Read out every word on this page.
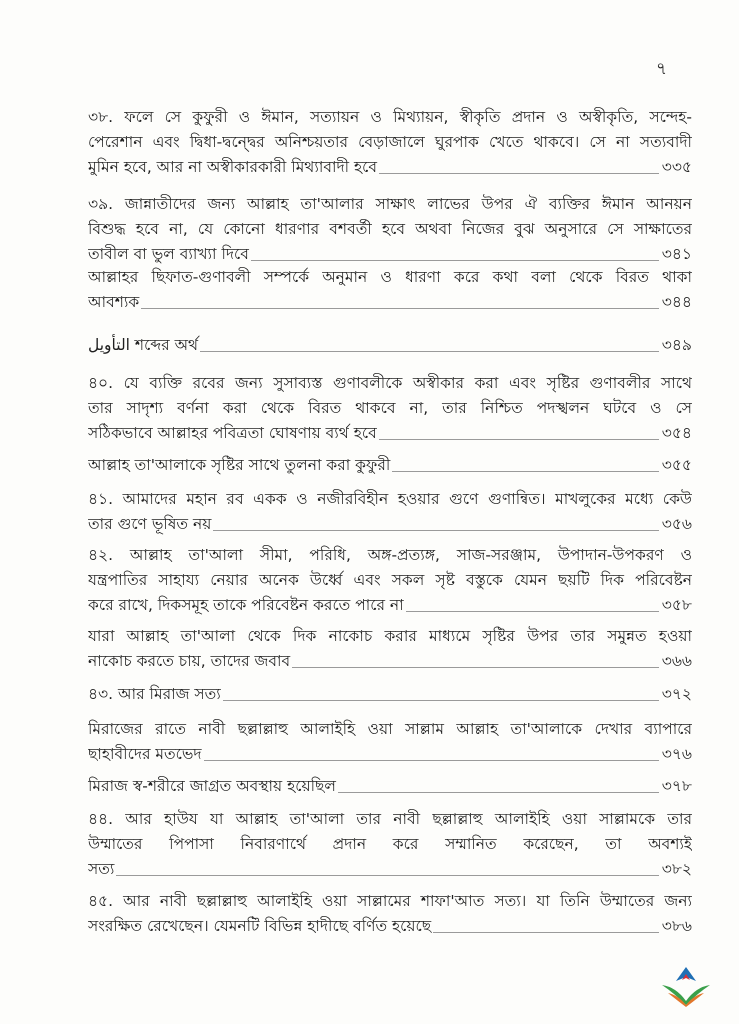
৭
৩৮. ফলে সে কুফুরী ও ঈমান, সত্যায়ন ও মিথ্যায়ন, স্বীকৃতি প্রদান ও অস্বীকৃতি, সন্দেহ-
পেরেশান এবং দ্বিধা-দ্বন্দ্বের অনিশ্চয়তার বেড়াজালে ঘুরপাক খেতে থাকবে। সে না সত্যবাদী
মুমিন হবে, আর না অস্বীকারকারী মিথ্যাবাদী হবে	৩৩৫
৩৯. জান্নাতীদের জন্য আল্লাহ তা'আলার সাক্ষাৎ লাভের উপর ঐ ব্যক্তির ঈমান আনয়ন
বিশুদ্ধ হবে না, যে কোনো ধারণার বশবর্তী হবে অথবা নিজের বুঝ অনুসারে সে সাক্ষাতের
তাবীল বা ভুল ব্যাখ্যা দিবে	৩৪১
আল্লাহর ছিফাত-গুণাবলী সম্পর্কে অনুমান ও ধারণা করে কথা বলা থেকে বিরত থাকা
আবশ্যক	৩৪৪
التأويل শব্দের অর্থ	৩৪৯
৪০. যে ব্যক্তি রবের জন্য সুসাব্যস্ত গুণাবলীকে অস্বীকার করা এবং সৃষ্টির গুণাবলীর সাথে
তার সাদৃশ্য বর্ণনা করা থেকে বিরত থাকবে না, তার নিশ্চিত পদস্খলন ঘটবে ও সে
সঠিকভাবে আল্লাহর পবিত্রতা ঘোষণায় ব্যর্থ হবে	৩৫৪
আল্লাহ তা'আলাকে সৃষ্টির সাথে তুলনা করা কুফুরী	৩৫৫
৪১. আমাদের মহান রব একক ও নজীরবিহীন হওয়ার গুণে গুণান্বিত। মাখলুকের মধ্যে কেউ
তার গুণে ভূষিত নয়	৩৫৬
৪২. আল্লাহ তা'আলা সীমা, পরিধি, অঙ্গ-প্রত্যঙ্গ, সাজ-সরঞ্জাম, উপাদান-উপকরণ ও
যন্ত্রপাতির সাহায্য নেয়ার অনেক উর্ধ্বে এবং সকল সৃষ্ট বস্তুকে যেমন ছয়টি দিক পরিবেষ্টন
করে রাখে, দিকসমূহ তাকে পরিবেষ্টন করতে পারে না	৩৫৮
যারা আল্লাহ তা'আলা থেকে দিক নাকোচ করার মাধ্যমে সৃষ্টির উপর তার সমুন্নত হওয়া
নাকোচ করতে চায়, তাদের জবাব	৩৬৬
৪৩. আর মিরাজ সত্য	৩৭২
মিরাজের রাতে নাবী ছল্লাল্লাহু আলাইহি ওয়া সাল্লাম আল্লাহ তা'আলাকে দেখার ব্যাপারে
ছাহাবীদের মতভেদ	৩৭৬
মিরাজ স্ব-শরীরে জাগ্রত অবস্থায় হয়েছিল	৩৭৮
৪৪. আর হাউয যা আল্লাহ তা'আলা তার নাবী ছল্লাল্লাহু আলাইহি ওয়া সাল্লামকে তার
উম্মাতের পিপাসা নিবারণার্থে প্রদান করে সম্মানিত করেছেন, তা অবশ্যই
সত্য	৩৮২
৪৫. আর নাবী ছল্লাল্লাহু আলাইহি ওয়া সাল্লামের শাফা'আত সত্য। যা তিনি উম্মাতের জন্য
সংরক্ষিত রেখেছেন। যেমনটি বিভিন্ন হাদীছে বর্ণিত হয়েছে	৩৮৬
